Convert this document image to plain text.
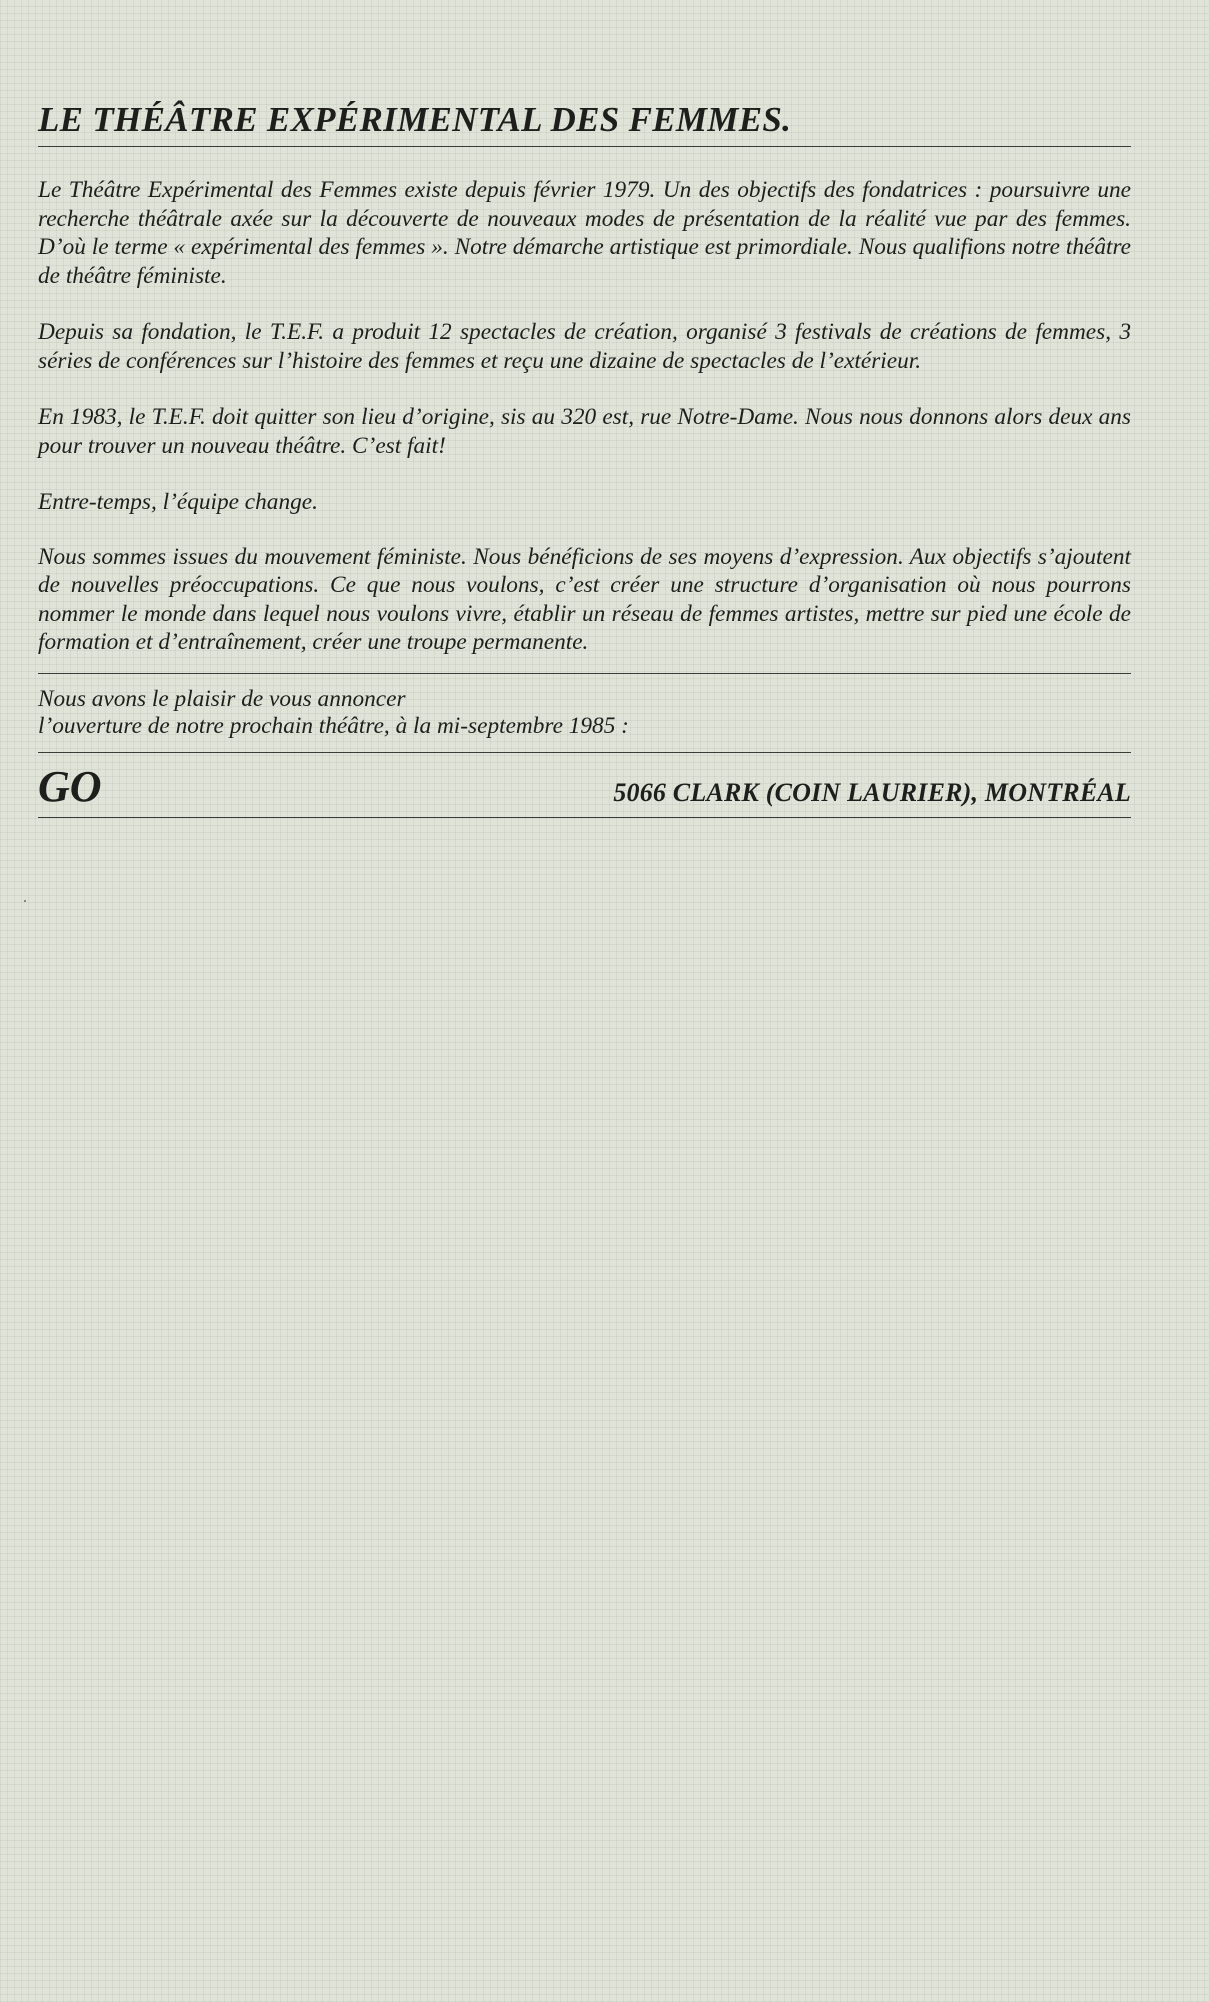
LE THÉÂTRE EXPÉRIMENTAL DES FEMMES.

Le Théâtre Expérimental des Femmes existe depuis février 1979. Un des objectifs des fondatrices : poursuivre une recherche théâtrale axée sur la découverte de nouveaux modes de présentation de la réalité vue par des femmes. D’où le terme « expérimental des femmes ». Notre démarche artistique est primordiale. Nous qualifions notre théâtre de théâtre féministe.

Depuis sa fondation, le T.E.F. a produit 12 spectacles de création, organisé 3 festivals de créations de femmes, 3 séries de conférences sur l’histoire des femmes et reçu une dizaine de spectacles de l’extérieur.

En 1983, le T.E.F. doit quitter son lieu d’origine, sis au 320 est, rue Notre-Dame. Nous nous donnons alors deux ans pour trouver un nouveau théâtre. C’est fait!

Entre-temps, l’équipe change.

Nous sommes issues du mouvement féministe. Nous bénéficions de ses moyens d’expression. Aux objectifs s’ajoutent de nouvelles préoccupations. Ce que nous voulons, c’est créer une structure d’organisation où nous pourrons nommer le monde dans lequel nous voulons vivre, établir un réseau de femmes artistes, mettre sur pied une école de formation et d’entraînement, créer une troupe permanente.

Nous avons le plaisir de vous annoncer
l’ouverture de notre prochain théâtre, à la mi-septembre 1985 :
GO	5066 CLARK (COIN LAURIER), MONTRÉAL
